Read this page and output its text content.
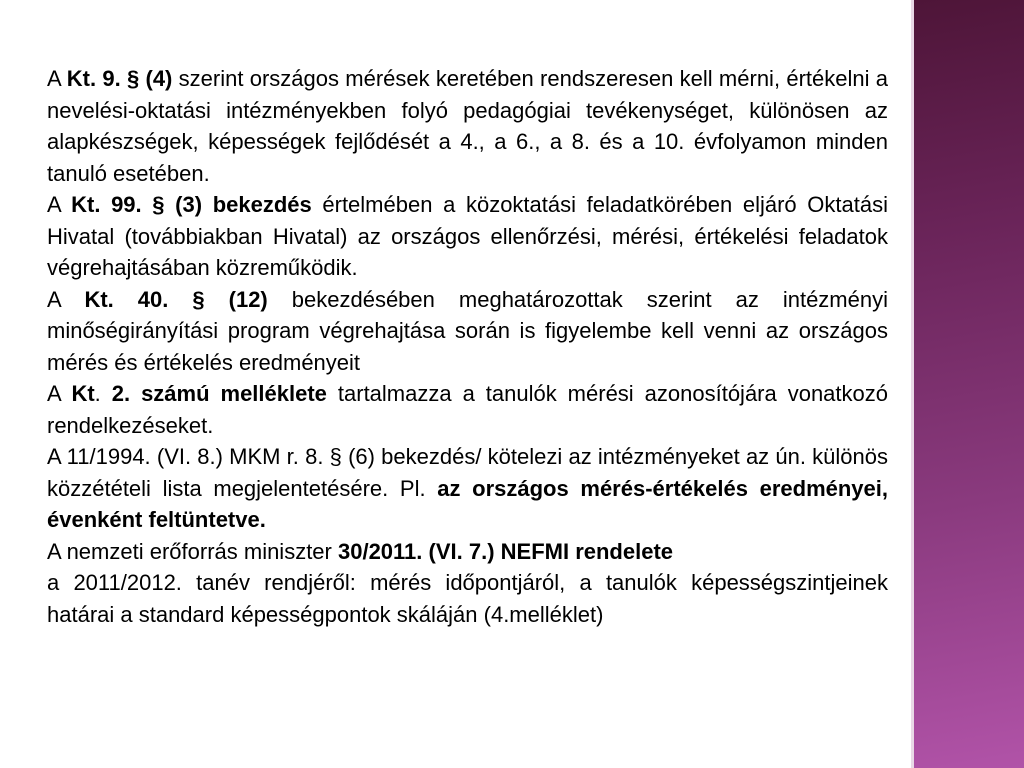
A Kt. 9. § (4) szerint országos mérések keretében rendszeresen kell mérni, értékelni a nevelési-oktatási intézményekben folyó pedagógiai tevékenységet, különösen az alapkészségek, képességek fejlődését a 4., a 6., a 8. és a 10. évfolyamon minden tanuló esetében.

A Kt. 99. § (3) bekezdés értelmében a közoktatási feladatkörében eljáró Oktatási Hivatal (továbbiakban Hivatal) az országos ellenőrzési, mérési, értékelési feladatok végrehajtásában közreműködik.

A Kt. 40. § (12) bekezdésében meghatározottak szerint az intézményi minőségirányítási program végrehajtása során is figyelembe kell venni az országos mérés és értékelés eredményeit

A Kt. 2. számú melléklete tartalmazza a tanulók mérési azonosítójára vonatkozó rendelkezéseket.

A 11/1994. (VI. 8.) MKM r. 8. § (6) bekezdés/ kötelezi az intézményeket az ún. különös közzétételi lista megjelentetésére. Pl. az országos mérés-értékelés eredményei, évenként feltüntetve.

A nemzeti erőforrás miniszter 30/2011. (VI. 7.) NEFMI rendelete

a 2011/2012. tanév rendjéről: mérés időpontjáról, a tanulók képességszintjeinek határai a standard képességpontok skáláján (4.melléklet)
